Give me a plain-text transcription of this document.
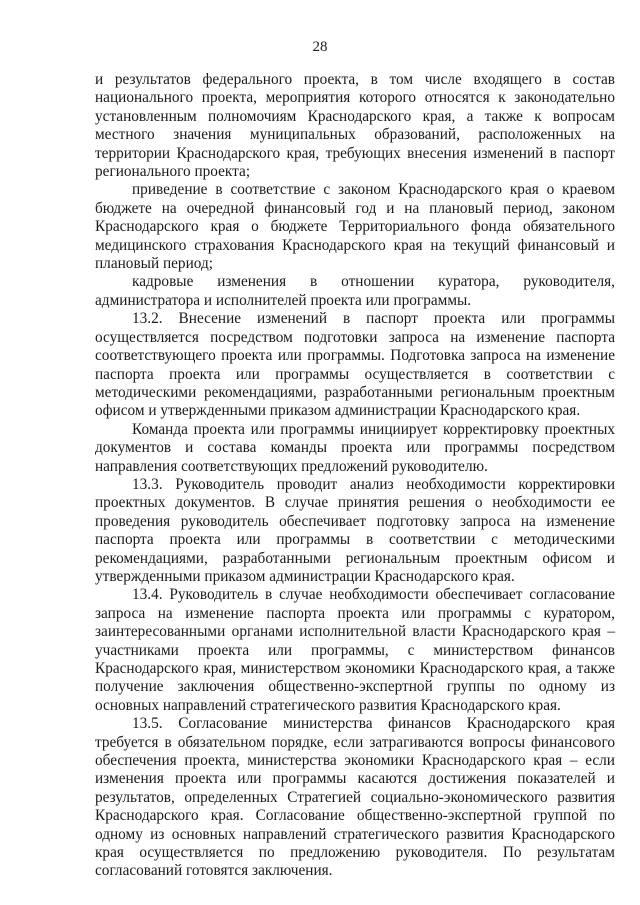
28

и результатов федерального проекта, в том числе входящего в состав национального проекта, мероприятия которого относятся к законодательно установленным полномочиям Краснодарского края, а также к вопросам местного значения муниципальных образований, расположенных на территории Краснодарского края, требующих внесения изменений в паспорт регионального проекта;

приведение в соответствие с законом Краснодарского края о краевом бюджете на очередной финансовый год и на плановый период, законом Краснодарского края о бюджете Территориального фонда обязательного медицинского страхования Краснодарского края на текущий финансовый и плановый период;

кадровые изменения в отношении куратора, руководителя, администратора и исполнителей проекта или программы.

13.2. Внесение изменений в паспорт проекта или программы осуществляется посредством подготовки запроса на изменение паспорта соответствующего проекта или программы. Подготовка запроса на изменение паспорта проекта или программы осуществляется в соответствии с методическими рекомендациями, разработанными региональным проектным офисом и утвержденными приказом администрации Краснодарского края.

Команда проекта или программы инициирует корректировку проектных документов и состава команды проекта или программы посредством направления соответствующих предложений руководителю.

13.3. Руководитель проводит анализ необходимости корректировки проектных документов. В случае принятия решения о необходимости ее проведения руководитель обеспечивает подготовку запроса на изменение паспорта проекта или программы в соответствии с методическими рекомендациями, разработанными региональным проектным офисом и утвержденными приказом администрации Краснодарского края.

13.4. Руководитель в случае необходимости обеспечивает согласование запроса на изменение паспорта проекта или программы с куратором, заинтересованными органами исполнительной власти Краснодарского края – участниками проекта или программы, с министерством финансов Краснодарского края, министерством экономики Краснодарского края, а также получение заключения общественно-экспертной группы по одному из основных направлений стратегического развития Краснодарского края.

13.5. Согласование министерства финансов Краснодарского края требуется в обязательном порядке, если затрагиваются вопросы финансового обеспечения проекта, министерства экономики Краснодарского края – если изменения проекта или программы касаются достижения показателей и результатов, определенных Стратегией социально-экономического развития Краснодарского края. Согласование общественно-экспертной группой по одному из основных направлений стратегического развития Краснодарского края осуществляется по предложению руководителя. По результатам согласований готовятся заключения.
